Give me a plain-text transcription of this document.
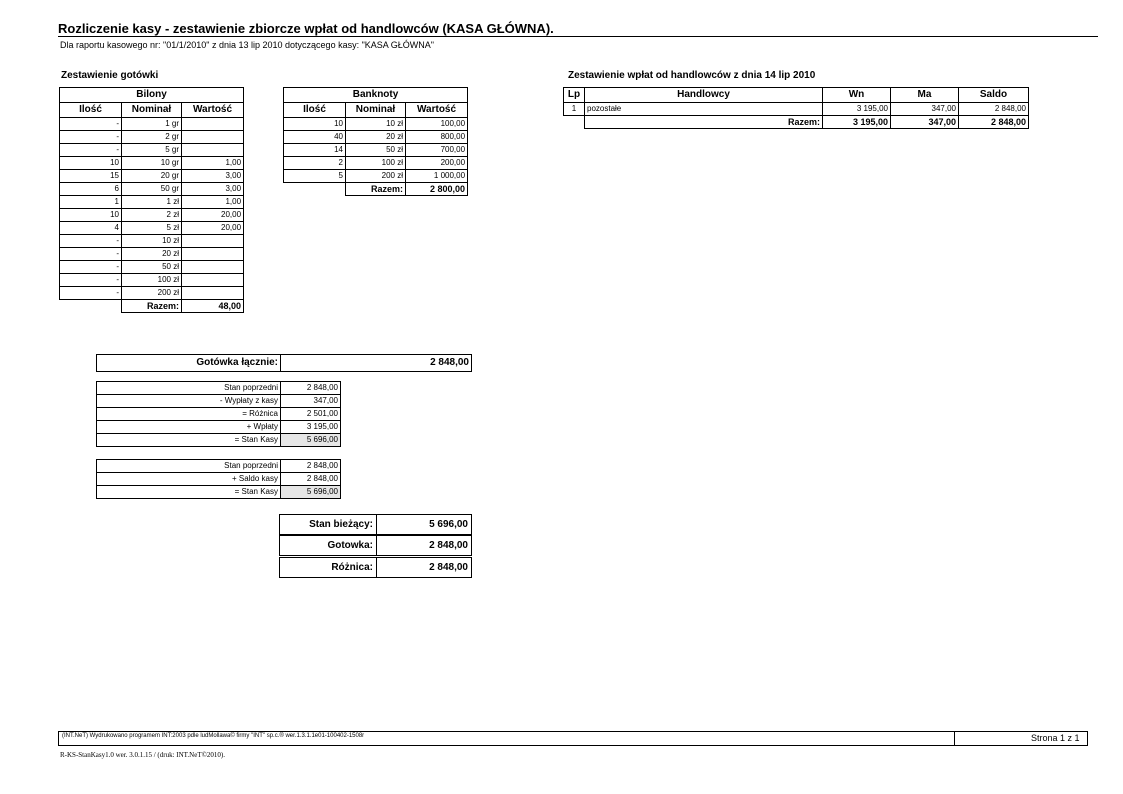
Rozliczenie kasy - zestawienie zbiorcze wpłat od handlowców (KASA GŁÓWNA).
Dla raportu kasowego nr: "01/1/2010" z dnia 13 lip 2010 dotyczącego kasy: "KASA GŁÓWNA"
Zestawienie gotówki
Bilony		
Ilość	Nominał	Wartość
-	1 gr	
-	2 gr	
-	5 gr	
10	10 gr	1,00
15	20 gr	3,00
6	50 gr	3,00
1	1 zł	1,00
10	2 zł	20,00
4	5 zł	20,00
-	10 zł	
-	20 zł	
-	50 zł	
-	100 zł	
-	200 zł	
	Razem:	48,00
Banknoty		
Ilość	Nominał	Wartość
10	10 zł	100,00
40	20 zł	800,00
14	50 zł	700,00
2	100 zł	200,00
5	200 zł	1 000,00
	Razem:	2 800,00
Zestawienie wpłat od handlowców z dnia 14 lip 2010
Lp	Handlowcy	Wn	Ma	Saldo
1	pozostałe	3 195,00	347,00	2 848,00
	Razem:	3 195,00	347,00	2 848,00
Gotówka łącznie:	2 848,00
Stan poprzedni	2 848,00
- Wypłaty z kasy	347,00
= Różnica	2 501,00
+ Wpłaty	3 195,00
= Stan Kasy	5 696,00
Stan poprzedni	2 848,00
+ Saldo kasy	2 848,00
= Stan Kasy	5 696,00
Stan bieżący:	5 696,00
Gotowka:	2 848,00
Różnica:	2 848,00
(INT.NeT) Wydrukowano programem INT:2003 pdle ludMollawa© firmy "INT" sp.c.® wer.1.3.1.1e01-100402-1508r	Strona 1 z 1
R-KS-StanKasy1.0 wer. 3.0.1.15 / (druk: INT.NeT©2010).
